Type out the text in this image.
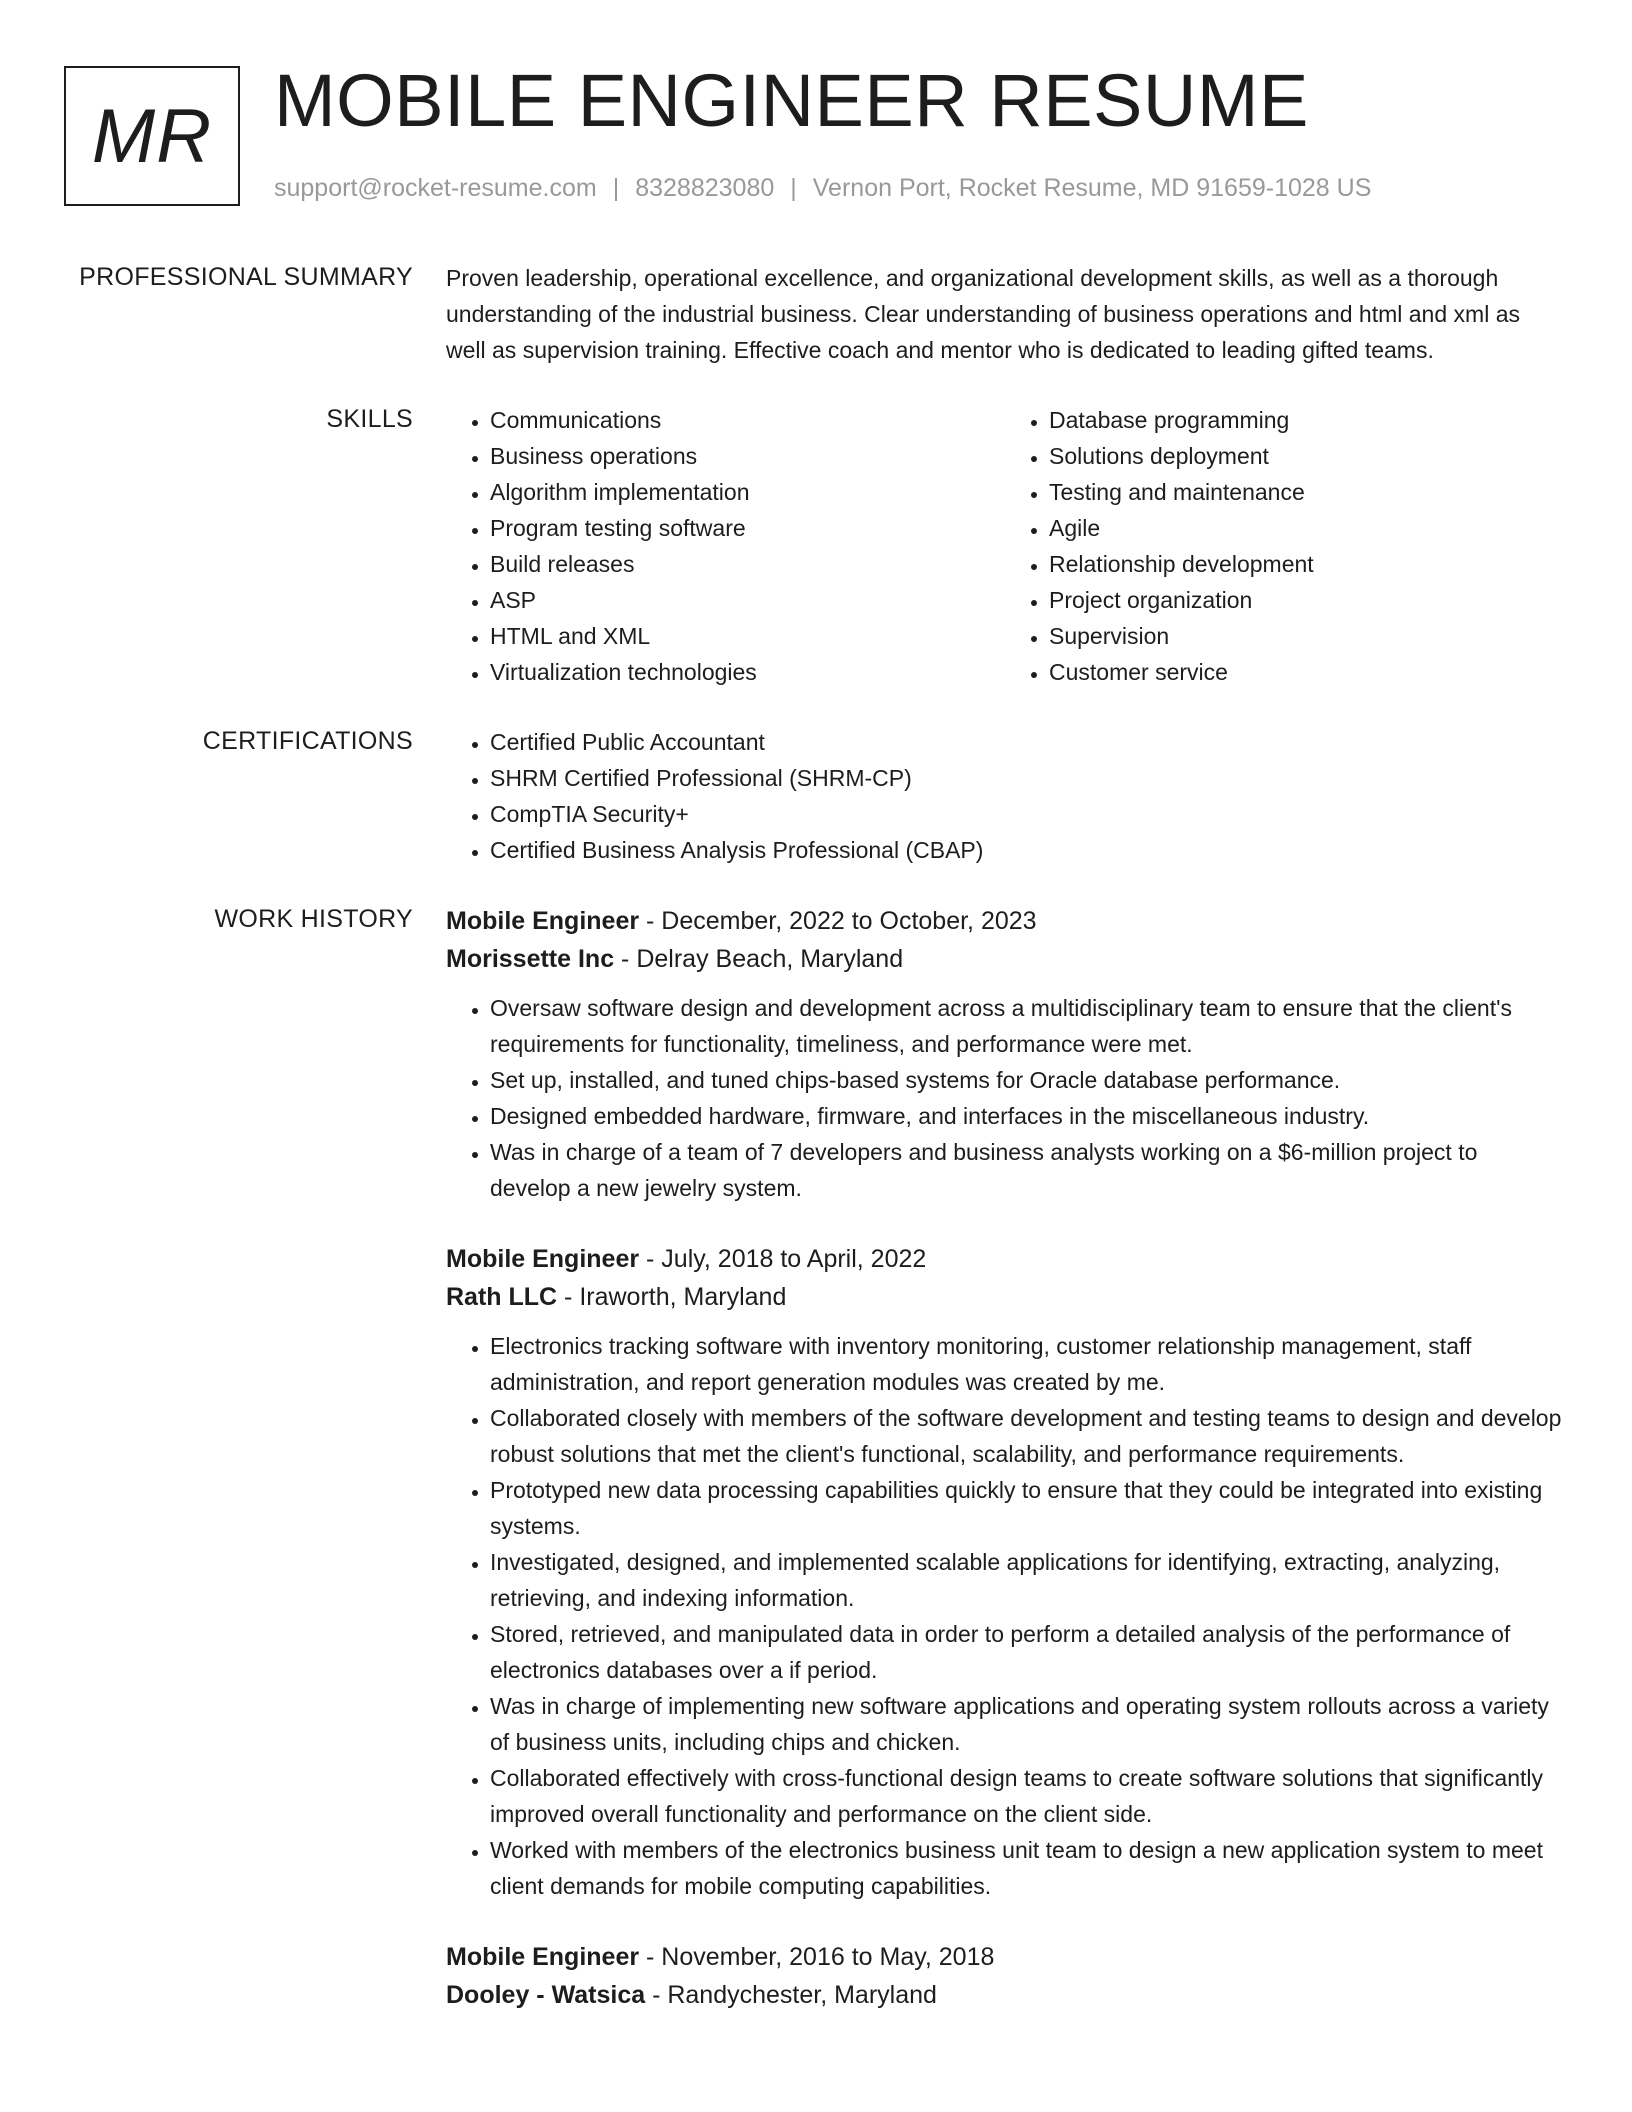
MR MOBILE ENGINEER RESUME
support@rocket-resume.com | 8328823080 | Vernon Port, Rocket Resume, MD 91659-1028 US
PROFESSIONAL SUMMARY Proven leadership, operational excellence, and organizational development skills, as well as a thorough understanding of the industrial business. Clear understanding of business operations and html and xml as well as supervision training. Effective coach and mentor who is dedicated to leading gifted teams.

SKILLS	• Communications
• Business operations
• Algorithm implementation
• Program testing software
• Build releases
• ASP
• HTML and XML
• Virtualization technologies
• Database programming
• Solutions deployment
• Testing and maintenance
• Agile
• Relationship development
• Project organization
• Supervision
• Customer service
CERTIFICATIONS	• Certified Public Accountant
• SHRM Certified Professional (SHRM-CP)
• CompTIA Security+
• Certified Business Analysis Professional (CBAP)
WORK HISTORY Mobile Engineer - December, 2022 to October, 2023
Morissette Inc - Delray Beach, Maryland
• Oversaw software design and development across a multidisciplinary team to ensure that the client's requirements for functionality, timeliness, and performance were met.
• Set up, installed, and tuned chips-based systems for Oracle database performance.
• Designed embedded hardware, firmware, and interfaces in the miscellaneous industry.
• Was in charge of a team of 7 developers and business analysts working on a $6-million project to develop a new jewelry system.
Mobile Engineer - July, 2018 to April, 2022
Rath LLC - Iraworth, Maryland
• Electronics tracking software with inventory monitoring, customer relationship management, staff administration, and report generation modules was created by me.
• Collaborated closely with members of the software development and testing teams to design and develop robust solutions that met the client's functional, scalability, and performance requirements.
• Prototyped new data processing capabilities quickly to ensure that they could be integrated into existing systems.
• Investigated, designed, and implemented scalable applications for identifying, extracting, analyzing, retrieving, and indexing information.
• Stored, retrieved, and manipulated data in order to perform a detailed analysis of the performance of electronics databases over a if period.
• Was in charge of implementing new software applications and operating system rollouts across a variety of business units, including chips and chicken.
• Collaborated effectively with cross-functional design teams to create software solutions that significantly improved overall functionality and performance on the client side.
• Worked with members of the electronics business unit team to design a new application system to meet client demands for mobile computing capabilities.
Mobile Engineer - November, 2016 to May, 2018
Dooley - Watsica - Randychester, Maryland
